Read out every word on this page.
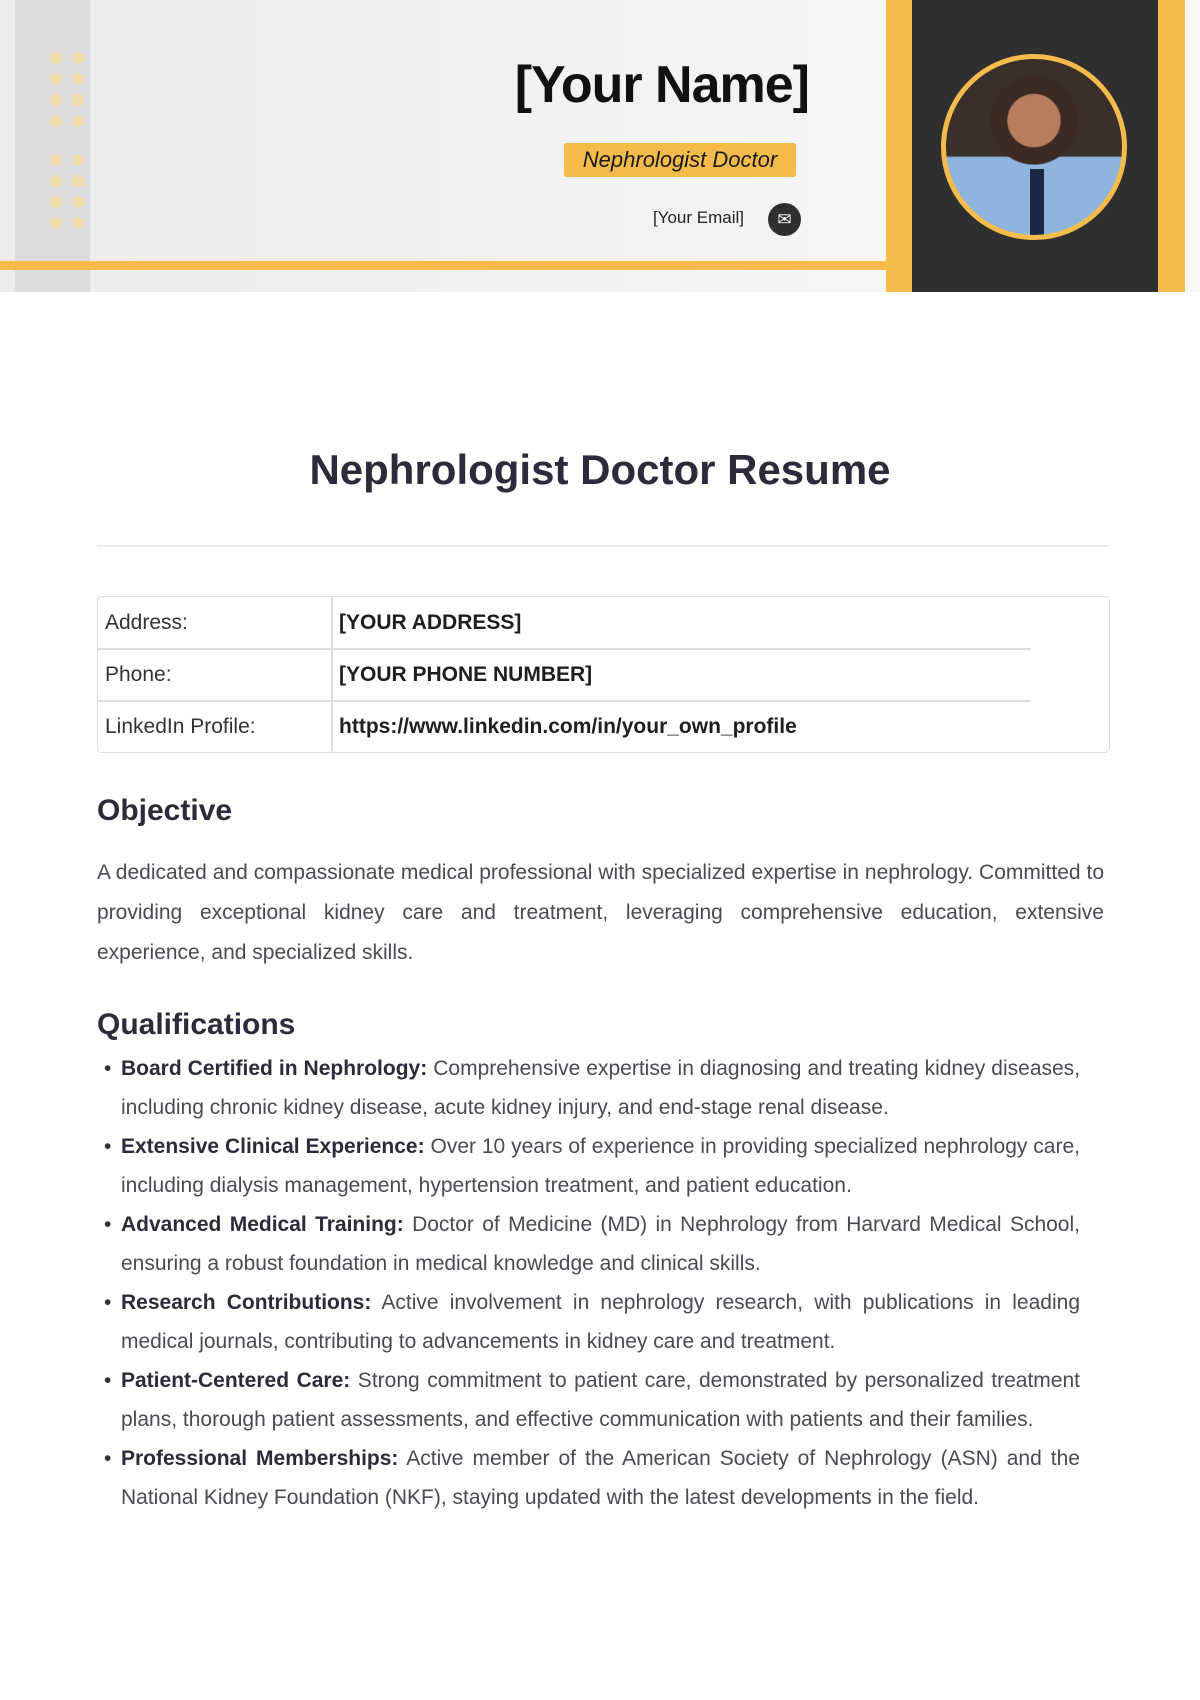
[Your Name]
Nephrologist Doctor
[Your Email]	✉
Nephrologist Doctor Resume
Address:	[YOUR ADDRESS]
Phone:	[YOUR PHONE NUMBER]
LinkedIn Profile:	https://www.linkedin.com/in/your_own_profile
Objective

A dedicated and compassionate medical professional with specialized expertise in nephrology. Committed to providing exceptional kidney care and treatment, leveraging comprehensive education, extensive experience, and specialized skills.

Qualifications
• Board Certified in Nephrology: Comprehensive expertise in diagnosing and treating kidney diseases, including chronic kidney disease, acute kidney injury, and end-stage renal disease.
• Extensive Clinical Experience: Over 10 years of experience in providing specialized nephrology care, including dialysis management, hypertension treatment, and patient education.
• Advanced Medical Training: Doctor of Medicine (MD) in Nephrology from Harvard Medical School, ensuring a robust foundation in medical knowledge and clinical skills.
• Research Contributions: Active involvement in nephrology research, with publications in leading medical journals, contributing to advancements in kidney care and treatment.
• Patient-Centered Care: Strong commitment to patient care, demonstrated by personalized treatment plans, thorough patient assessments, and effective communication with patients and their families.
• Professional Memberships: Active member of the American Society of Nephrology (ASN) and the National Kidney Foundation (NKF), staying updated with the latest developments in the field.
